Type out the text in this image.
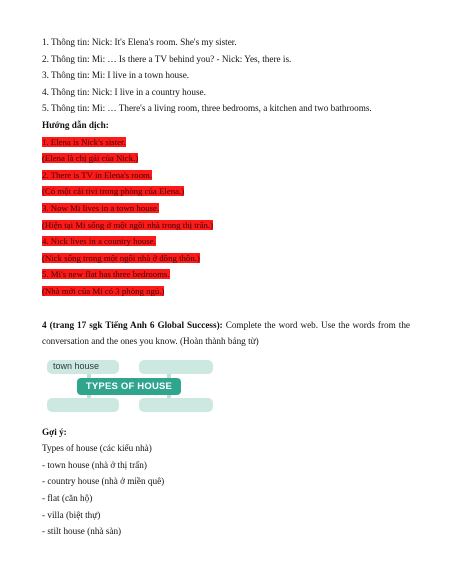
1. Thông tin: Nick: It's Elena's room. She's my sister.
2. Thông tin: Mi: … Is there a TV behind you? - Nick: Yes, there is.
3. Thông tin: Mi: I live in a town house.
4. Thông tin: Nick: I live in a country house.
5. Thông tin: Mi: … There's a living room, three bedrooms, a kitchen and two bathrooms.
Hướng dẫn dịch:
1. Elena is Nick's sister.
(Elena là chị gái của Nick.)
2. There is TV in Elena's room.
(Có một cái tivi trong phòng của Elena.)
3. Now Mi lives in a town house.
(Hiện tại Mi sống ở một ngôi nhà trong thị trấn.)
4. Nick lives in a country house.
(Nick sống trong một ngôi nhà ở đồng thôn.)
5. Mi's new flat has three bedrooms.
(Nhà mới của Mi có 3 phòng ngủ.)
4 (trang 17 sgk Tiếng Anh 6 Global Success): Complete the word web. Use the words from the conversation and the ones you know. (Hoàn thành bảng từ)
town house
TYPES OF HOUSE
Gợi ý:
Types of house (các kiểu nhà)
- town house (nhà ở thị trấn)
- country house (nhà ở miền quê)
- flat (căn hộ)
- villa (biệt thự)
- stilt house (nhà sàn)
